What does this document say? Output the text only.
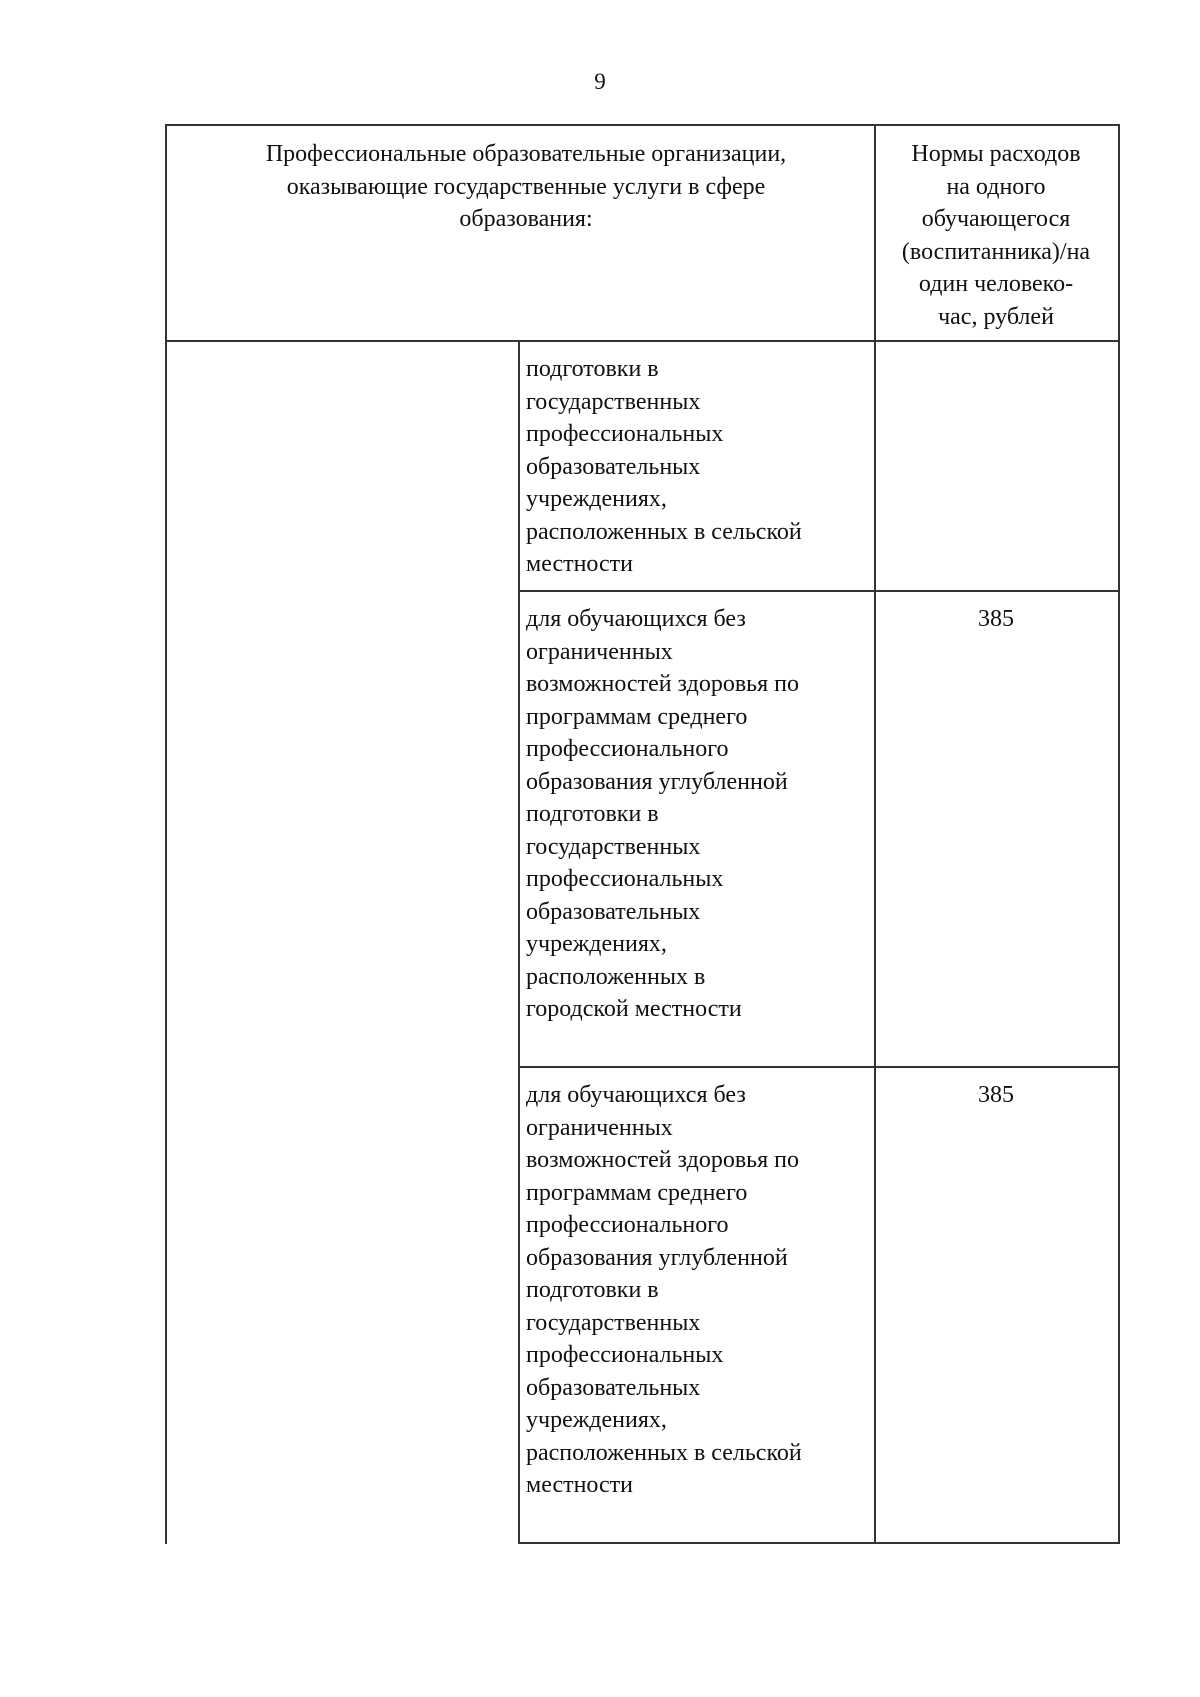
9
Профессиональные образовательные организации,
оказывающие государственные услуги в сфере
образования:
Нормы расходов
на одного
обучающегося
(воспитанника)/на
один человеко-
час, рублей
подготовки в
государственных
профессиональных
образовательных
учреждениях,
расположенных в сельской
местности
для обучающихся без
ограниченных
возможностей здоровья по
программам среднего
профессионального
образования углубленной
подготовки в
государственных
профессиональных
образовательных
учреждениях,
расположенных в
городской местности
385
для обучающихся без
ограниченных
возможностей здоровья по
программам среднего
профессионального
образования углубленной
подготовки в
государственных
профессиональных
образовательных
учреждениях,
расположенных в сельской
местности
385
